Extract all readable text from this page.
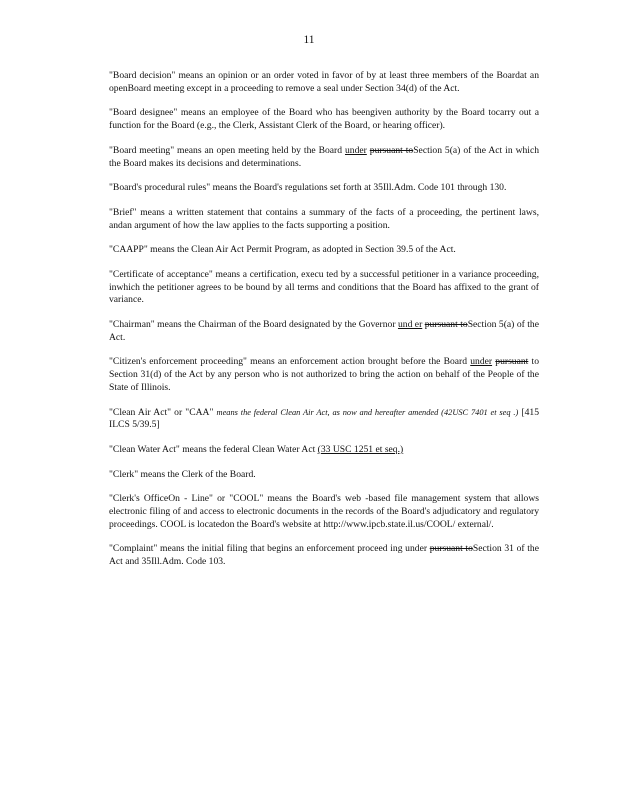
11

"Board decision" means an opinion or an order voted in favor of by at least three members of the Boardat an openBoard meeting except in a proceeding to remove a seal under Section 34(d) of the Act.

"Board designee" means an employee of the Board who has beengiven authority by the Board tocarry out a function for the Board (e.g., the Clerk, Assistant Clerk of the Board, or hearing officer).

"Board meeting" means an open meeting held by the Board under pursuant toSection 5(a) of the Act in which the Board makes its decisions and determinations.

"Board's procedural rules" means the Board's regulations set forth at 35Ill.Adm. Code 101 through 130.

"Brief" means a written statement that contains a summary of the facts of a proceeding, the pertinent laws, andan argument of how the law applies to the facts supporting a position.

"CAAPP" means the Clean Air Act Permit Program, as adopted in Section 39.5 of the Act.

"Certificate of acceptance" means a certification, execu ted by a successful petitioner in a variance proceeding, inwhich the petitioner agrees to be bound by all terms and conditions that the Board has affixed to the grant of variance.

"Chairman" means the Chairman of the Board designated by the Governor und er pursuant toSection 5(a) of the Act.

"Citizen's enforcement proceeding" means an enforcement action brought before the Board under pursuant to Section 31(d) of the Act by any person who is not authorized to bring the action on behalf of the People of the State of Illinois.

"Clean Air Act" or "CAA" means the federal Clean Air Act, as now and hereafter amended (42USC 7401 et seq .) [415 ILCS 5/39.5]

"Clean Water Act" means the federal Clean Water Act (33 USC 1251 et seq.)

"Clerk" means the Clerk of the Board.

"Clerk's OfficeOn - Line" or "COOL" means the Board's web -based file management system that allows electronic filing of and access to electronic documents in the records of the Board's adjudicatory and regulatory proceedings. COOL is locatedon the Board's website at http://www.ipcb.state.il.us/COOL/ external/.

"Complaint" means the initial filing that begins an enforcement proceed ing under pursuant toSection 31 of the Act and 35Ill.Adm. Code 103.
